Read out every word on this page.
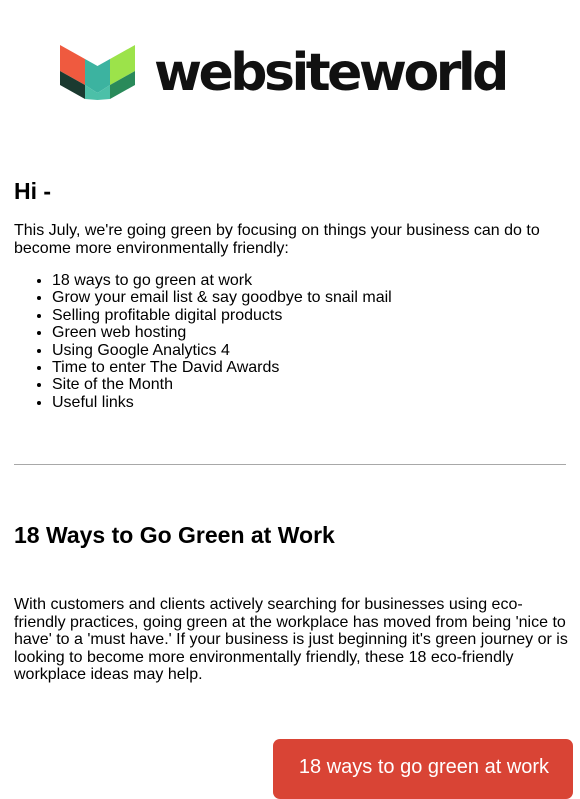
websiteworld
Hi -

This July, we're going green by focusing on things your business can do to become more environmentally friendly:

• 18 ways to go green at work
• Grow your email list & say goodbye to snail mail
• Selling profitable digital products
• Green web hosting
• Using Google Analytics 4
• Time to enter The David Awards
• Site of the Month
• Useful links
18 Ways to Go Green at Work

With customers and clients actively searching for businesses using eco-friendly practices, going green at the workplace has moved from being 'nice to have' to a 'must have.' If your business is just beginning it's green journey or is looking to become more environmentally friendly, these 18 eco-friendly workplace ideas may help.

18 ways to go green at work
